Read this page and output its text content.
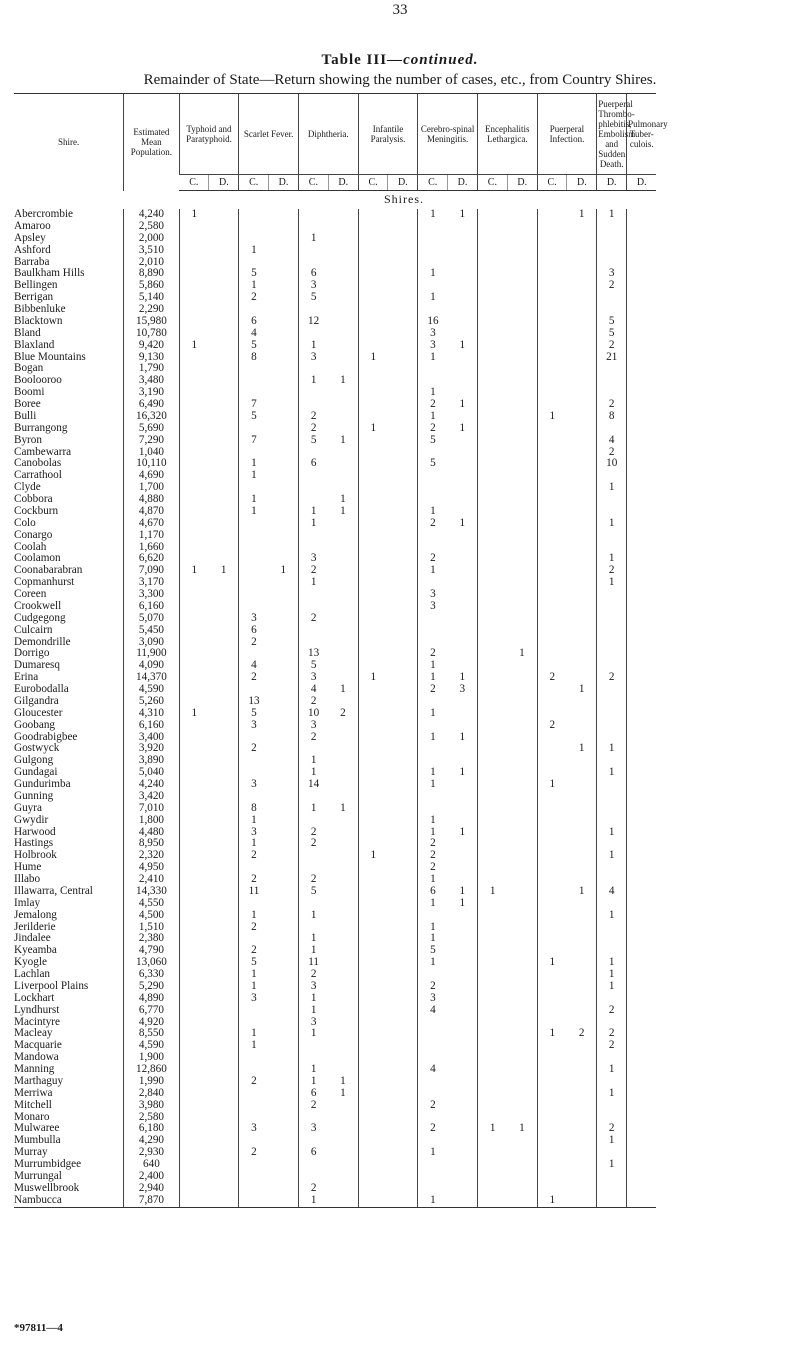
33
Table III—continued.
Remainder of State—Return showing the number of cases, etc., from Country Shires.
Shire.	Estimated Mean Population.	Typhoid and Paratyphoid.		Scarlet Fever.		Diphtheria.		Infantile Paralysis.		Cerebro-spinal Meningitis.		Encephalitis Lethargica.		Puerperal Infection.		Puerperal Thrombo-phlebitis, Embolism and Sudden Death.	Pulmonary Tuber-culois.
		C.	D.	C.	D.	C.	D.	C.	D.	C.	D.	C.	D.	C.	D.	D.	D.
Shires.																	
Abercrombie	4,240	1								1	1				1	1	
Amaroo	2,580																
Apsley	2,000					1											
Ashford	3,510			1													
Barraba	2,010																
Baulkham Hills	8,890			5		6				1						3	
Bellingen	5,860			1		3										2	
Berrigan	5,140			2		5				1							
Bibbenluke	2,290																
Blacktown	15,980			6		12				16						5	
Bland	10,780			4						3						5	
Blaxland	9,420	1		5		1				3	1					2	
Blue Mountains	9,130			8		3		1		1						21	
Bogan	1,790																
Boolooroo	3,480					1	1										
Boomi	3,190									1							
Boree	6,490			7						2	1					2	
Bulli	16,320			5		2				1				1		8	
Burrangong	5,690					2		1		2	1						
Byron	7,290			7		5	1			5						4	
Cambewarra	1,040															2	
Canobolas	10,110			1		6				5						10	
Carrathool	4,690			1													
Clyde	1,700															1	
Cobbora	4,880			1			1										
Cockburn	4,870			1		1	1			1							
Colo	4,670					1				2	1					1	
Conargo	1,170																
Coolah	1,660																
Coolamon	6,620					3				2						1	
Coonabarabran	7,090	1	1		1	2				1						2	
Copmanhurst	3,170					1										1	
Coreen	3,300									3							
Crookwell	6,160									3							
Cudgegong	5,070			3		2											
Culcairn	5,450			6													
Demondrille	3,090			2													
Dorrigo	11,900					13				2			1				
Dumaresq	4,090			4		5				1							
Erina	14,370			2		3		1		1	1			2		2	
Eurobodalla	4,590					4	1			2	3				1		
Gilgandra	5,260			13		2											
Gloucester	4,310	1		5		10	2			1							
Goobang	6,160			3		3								2			
Goodrabigbee	3,400					2				1	1						
Gostwyck	3,920			2											1	1	
Gulgong	3,890					1											
Gundagai	5,040					1				1	1					1	
Gundurimba	4,240			3		14				1				1			
Gunning	3,420																
Guyra	7,010			8		1	1										
Gwydir	1,800			1						1							
Harwood	4,480			3		2				1	1					1	
Hastings	8,950			1		2				2							
Holbrook	2,320			2				1		2						1	
Hume	4,950									2							
Illabo	2,410			2		2				1							
Illawarra, Central	14,330			11		5				6	1	1			1	4	
Imlay	4,550									1	1						
Jemalong	4,500			1		1										1	
Jerilderie	1,510			2						1							
Jindalee	2,380					1				1							
Kyeamba	4,790			2		1				5							
Kyogle	13,060			5		11				1				1		1	
Lachlan	6,330			1		2										1	
Liverpool Plains	5,290			1		3				2						1	
Lockhart	4,890			3		1				3							
Lyndhurst	6,770					1				4						2	
Macintyre	4,920					3											
Macleay	8,550			1		1								1	2	2	
Macquarie	4,590			1												2	
Mandowa	1,900																
Manning	12,860					1				4						1	
Marthaguy	1,990			2		1	1										
Merriwa	2,840					6	1									1	
Mitchell	3,980					2				2							
Monaro	2,580																
Mulwaree	6,180			3		3				2		1	1			2	
Mumbulla	4,290															1	
Murray	2,930			2		6				1							
Murrumbidgee	640															1	
Murrungal	2,400																
Muswellbrook	2,940					2											
Nambucca	7,870					1				1				1			
*97811—4
